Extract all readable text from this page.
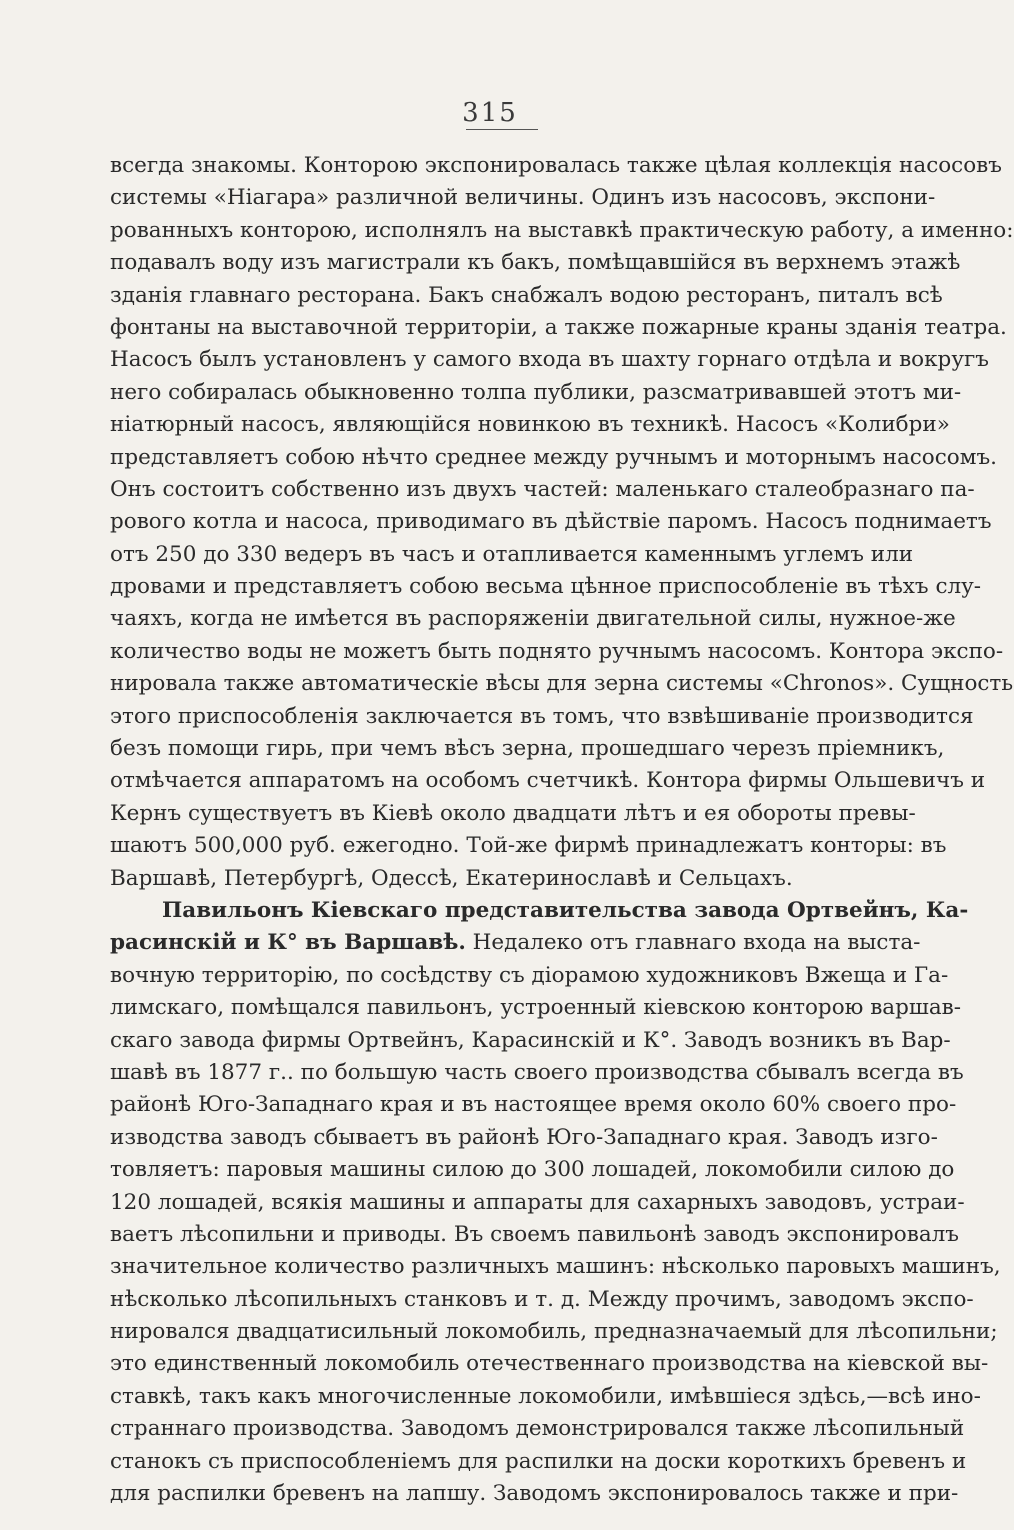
315
всегда знакомы. Конторою экспонировалась также цѣлая коллекція насосовъ
системы «Ніагара» различной величины. Одинъ изъ насосовъ, экспони-
рованныхъ конторою, исполнялъ на выставкѣ практическую работу, а именно:
подавалъ воду изъ магистрали къ бакъ, помѣщавшійся въ верхнемъ этажѣ
зданія главнаго ресторана. Бакъ снабжалъ водою ресторанъ, питалъ всѣ
фонтаны на выставочной территоріи, а также пожарные краны зданія театра.
Насосъ былъ установленъ у самого входа въ шахту горнаго отдѣла и вокругъ
него собиралась обыкновенно толпа публики, разсматривавшей этотъ ми-
ніатюрный насосъ, являющійся новинкою въ техникѣ. Насосъ «Колибри»
представляетъ собою нѣчто среднее между ручнымъ и моторнымъ насосомъ.
Онъ состоитъ собственно изъ двухъ частей: маленькаго сталеобразнаго па-
рового котла и насоса, приводимаго въ дѣйствіе паромъ. Насосъ поднимаетъ
отъ 250 до 330 ведеръ въ часъ и отапливается каменнымъ углемъ или
дровами и представляетъ собою весьма цѣнное приспособленіе въ тѣхъ слу-
чаяхъ, когда не имѣется въ распоряженіи двигательной силы, нужное-же
количество воды не можетъ быть поднято ручнымъ насосомъ. Контора экспо-
нировала также автоматическіе вѣсы для зерна системы «Chronos». Сущность
этого приспособленія заключается въ томъ, что взвѣшиваніе производится
безъ помощи гирь, при чемъ вѣсъ зерна, прошедшаго черезъ пріемникъ,
отмѣчается аппаратомъ на особомъ счетчикѣ. Контора фирмы Ольшевичъ и
Кернъ существуетъ въ Кіевѣ около двадцати лѣтъ и ея обороты превы-
шаютъ 500,000 руб. ежегодно. Той-же фирмѣ принадлежатъ конторы: въ
Варшавѣ, Петербургѣ, Одессѣ, Екатеринославѣ и Сельцахъ.
Павильонъ Кіевскаго представительства завода Ортвейнъ, Ка-
расинскій и К° въ Варшавѣ. Недалеко отъ главнаго входа на выста-
вочную территорію, по сосѣдству съ діорамою художниковъ Вжеща и Га-
лимскаго, помѣщался павильонъ, устроенный кіевскою конторою варшав-
скаго завода фирмы Ортвейнъ, Карасинскій и К°. Заводъ возникъ въ Вар-
шавѣ въ 1877 г.. по большую часть своего производства сбывалъ всегда въ
районѣ Юго-Западнаго края и въ настоящее время около 60% своего про-
изводства заводъ сбываетъ въ районѣ Юго-Западнаго края. Заводъ изго-
товляетъ: паровыя машины силою до 300 лошадей, локомобили силою до
120 лошадей, всякія машины и аппараты для сахарныхъ заводовъ, устраи-
ваетъ лѣсопильни и приводы. Въ своемъ павильонѣ заводъ экспонировалъ
значительное количество различныхъ машинъ: нѣсколько паровыхъ машинъ,
нѣсколько лѣсопильныхъ станковъ и т. д. Между прочимъ, заводомъ экспо-
нировался двадцатисильный локомобиль, предназначаемый для лѣсопильни;
это единственный локомобиль отечественнаго производства на кіевской вы-
ставкѣ, такъ какъ многочисленные локомобили, имѣвшіеся здѣсь,—всѣ ино-
страннаго производства. Заводомъ демонстрировался также лѣсопильный
станокъ съ приспособленіемъ для распилки на доски короткихъ бревенъ и
для распилки бревенъ на лапшу. Заводомъ экспонировалось также и при-
